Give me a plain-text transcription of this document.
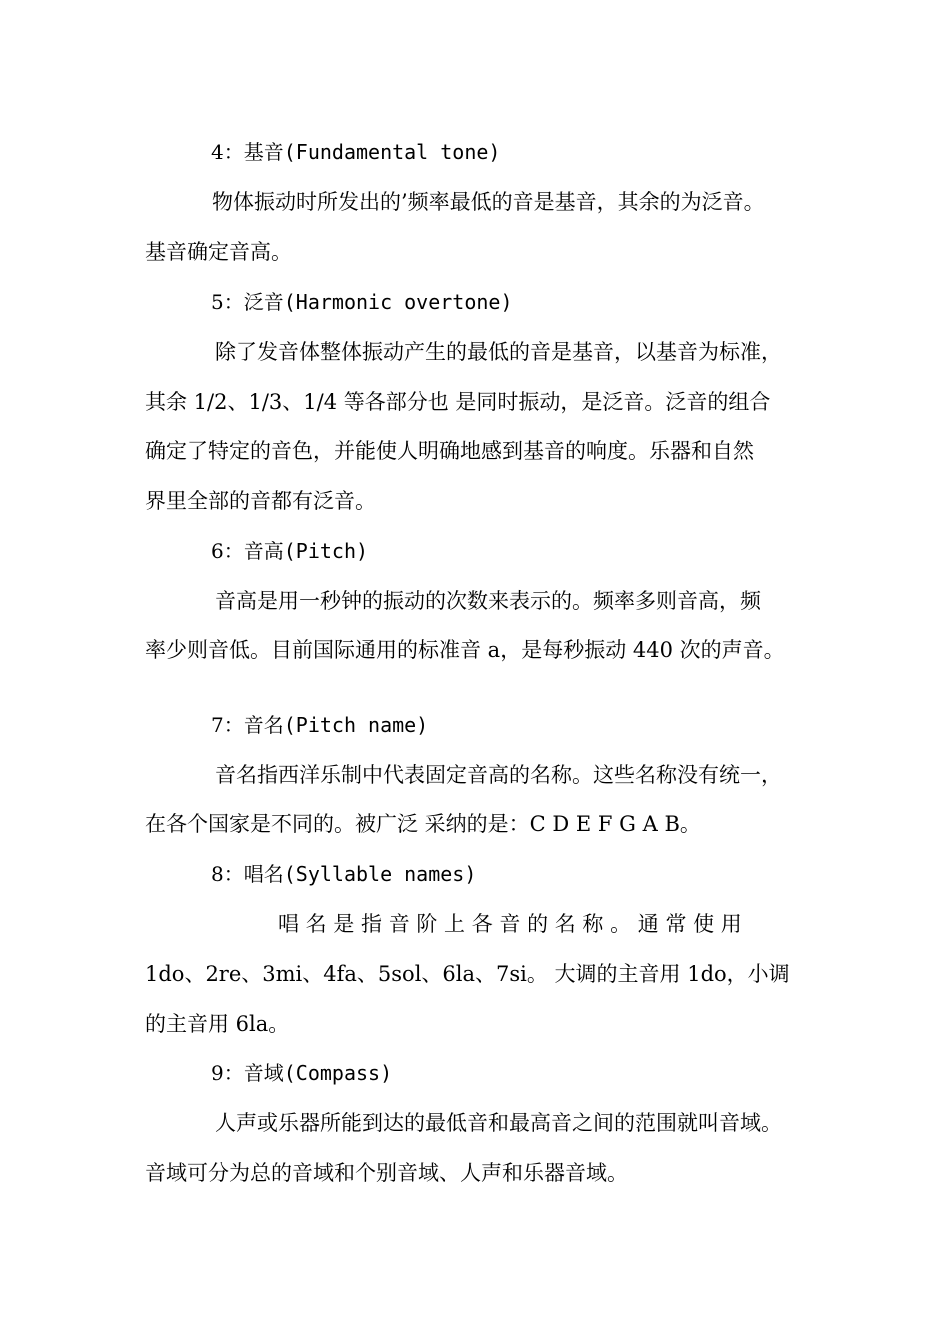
4：基音(Fundamental tone)
物体振动时所发出的’频率最低的音是基音，其余的为泛音。
基音确定音高。
5：泛音(Harmonic overtone)
除了发音体整体振动产生的最低的音是基音，以基音为标准，
其余 1/2、1/3、1/4 等各部分也 是同时振动，是泛音。泛音的组合
确定了特定的音色，并能使人明确地感到基音的响度。乐器和自然
界里全部的音都有泛音。
6：音高(Pitch)
音高是用一秒钟的振动的次数来表示的。频率多则音高，频
率少则音低。目前国际通用的标准音 a，是每秒振动 440 次的声音。
7：音名(Pitch name)
音名指西洋乐制中代表固定音高的名称。这些名称没有统一，
在各个国家是不同的。被广泛 采纳的是：C D E F G A B。
8：唱名(Syllable names)
唱 名 是 指 音 阶 上 各 音 的 名 称 。 通 常 使 用
1do、2re、3mi、4fa、5sol、6la、7si。 大调的主音用 1do，小调
的主音用 6la。
9：音域(Compass)
人声或乐器所能到达的最低音和最高音之间的范围就叫音域。
音域可分为总的音域和个别音域、人声和乐器音域。
